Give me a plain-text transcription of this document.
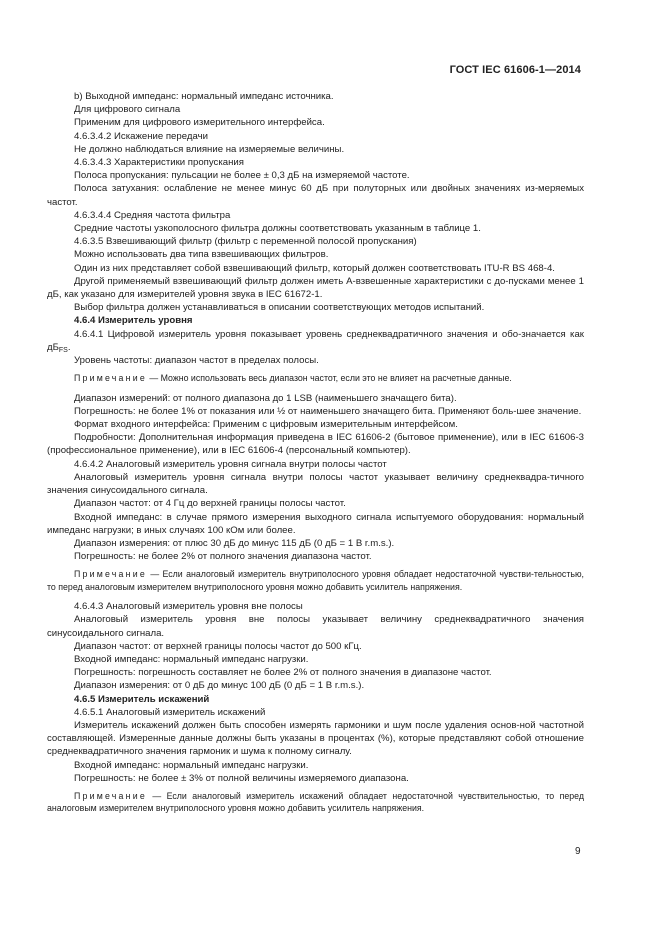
ГОСТ IEC 61606-1—2014
b) Выходной импеданс: нормальный импеданс источника.
Для цифрового сигнала
Применим для цифрового измерительного интерфейса.
4.6.3.4.2 Искажение передачи
Не должно наблюдаться влияние на измеряемые величины.
4.6.3.4.3 Характеристики пропускания
Полоса пропускания: пульсации не более ± 0,3 дБ на измеряемой частоте.
Полоса затухания: ослабление не менее минус 60 дБ при полуторных или двойных значениях из-меряемых частот.
4.6.3.4.4 Средняя частота фильтра
Средние частоты узкополосного фильтра должны соответствовать указанным в таблице 1.
4.6.3.5 Взвешивающий фильтр (фильтр с переменной полосой пропускания)
Можно использовать два типа взвешивающих фильтров.
Один из них представляет собой взвешивающий фильтр, который должен соответствовать ITU-R BS 468-4.
Другой применяемый взвешивающий фильтр должен иметь А-взвешенные характеристики с до-пусками менее 1 дБ, как указано для измерителей уровня звука в IEC 61672-1.
Выбор фильтра должен устанавливаться в описании соответствующих методов испытаний.
4.6.4 Измеритель уровня
4.6.4.1 Цифровой измеритель уровня показывает уровень среднеквадратичного значения и обо-значается как $дБ_{FS}$.
Уровень частоты: диапазон частот в пределах полосы.
Примечание — Можно использовать весь диапазон частот, если это не влияет на расчетные данные.
Диапазон измерений: от полного диапазона до 1 LSB (наименьшего значащего бита).
Погрешность: не более 1% от показания или ½ от наименьшего значащего бита. Применяют боль-шее значение.
Формат входного интерфейса: Применим с цифровым измерительным интерфейсом.
Подробности: Дополнительная информация приведена в IEC 61606-2 (бытовое применение), или в IEC 61606-3 (профессиональное применение), или в IEC 61606-4 (персональный компьютер).
4.6.4.2 Аналоговый измеритель уровня сигнала внутри полосы частот
Аналоговый измеритель уровня сигнала внутри полосы частот указывает величину среднеквадра-тичного значения синусоидального сигнала.
Диапазон частот: от 4 Гц до верхней границы полосы частот.
Входной импеданс: в случае прямого измерения выходного сигнала испытуемого оборудования: нормальный импеданс нагрузки; в иных случаях 100 кОм или более.
Диапазон измерения: от плюс 30 дБ до минус 115 дБ (0 дБ = 1 В r.m.s.).
Погрешность: не более 2% от полного значения диапазона частот.
Примечание — Если аналоговый измеритель внутриполосного уровня обладает недостаточной чувстви-тельностью, то перед аналоговым измерителем внутриполосного уровня можно добавить усилитель напряжения.
4.6.4.3 Аналоговый измеритель уровня вне полосы
Аналоговый измеритель уровня вне полосы указывает величину среднеквадратичного значения синусоидального сигнала.
Диапазон частот: от верхней границы полосы частот до 500 кГц.
Входной импеданс: нормальный импеданс нагрузки.
Погрешность: погрешность составляет не более 2% от полного значения в диапазоне частот.
Диапазон измерения: от 0 дБ до минус 100 дБ (0 дБ = 1 В r.m.s.).
4.6.5 Измеритель искажений
4.6.5.1 Аналоговый измеритель искажений
Измеритель искажений должен быть способен измерять гармоники и шум после удаления основ-ной частотной составляющей. Измеренные данные должны быть указаны в процентах (%), которые представляют собой отношение среднеквадратичного значения гармоник и шума к полному сигналу.
Входной импеданс: нормальный импеданс нагрузки.
Погрешность: не более ± 3% от полной величины измеряемого диапазона.
Примечание — Если аналоговый измеритель искажений обладает недостаточной чувствительностью, то перед аналоговым измерителем внутриполосного уровня можно добавить усилитель напряжения.
9
